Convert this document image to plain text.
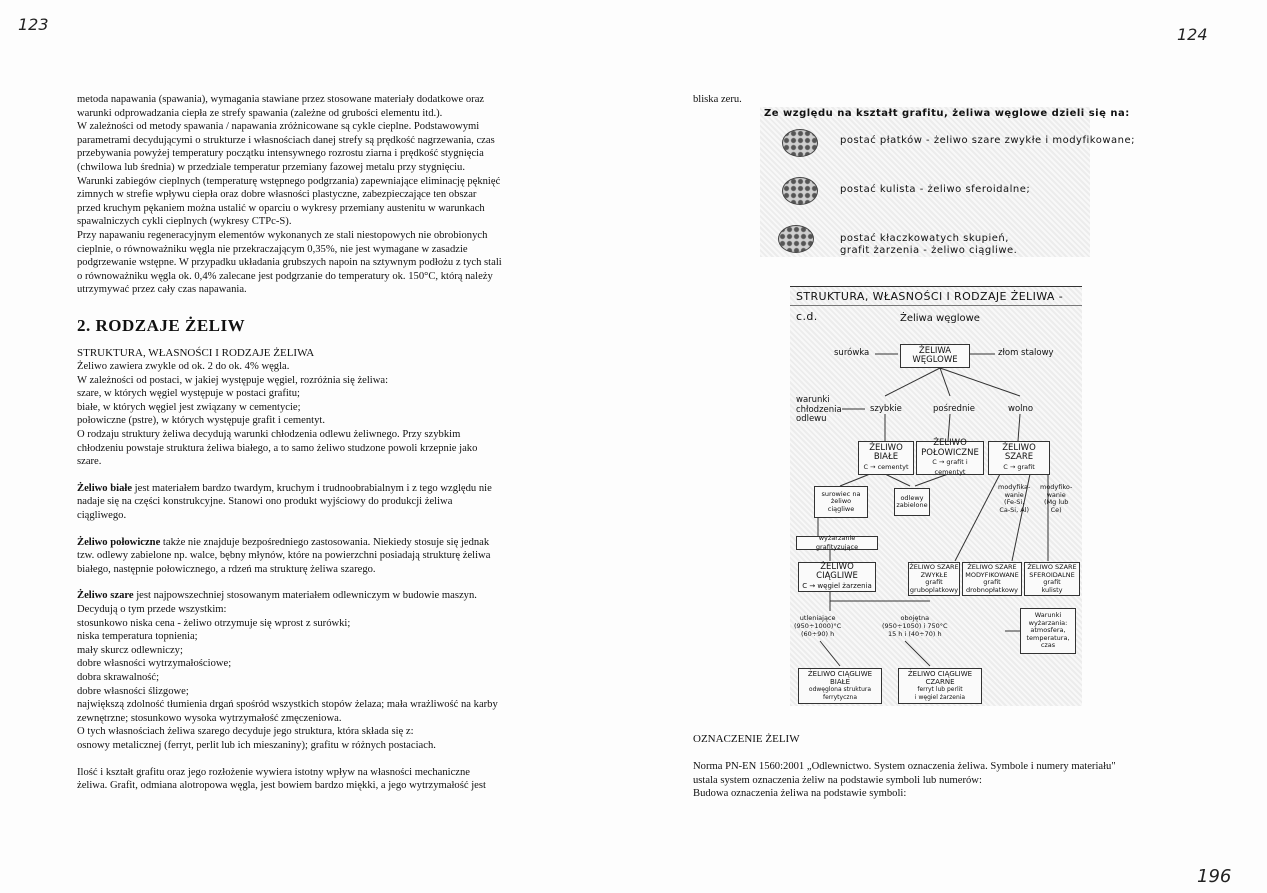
123
124
196

metoda napawania (spawania), wymagania stawiane przez stosowane materiały dodatkowe oraz

warunki odprowadzania ciepła ze strefy spawania (zależne od grubości elementu itd.).

W zależności od metody spawania / napawania zróżnicowane są cykle cieplne. Podstawowymi

parametrami decydującymi o strukturze i własnościach danej strefy są prędkość nagrzewania, czas

przebywania powyżej temperatury początku intensywnego rozrostu ziarna i prędkość stygnięcia

(chwilowa lub średnia) w przedziale temperatur przemiany fazowej metalu przy stygnięciu.

Warunki zabiegów cieplnych (temperaturę wstępnego podgrzania) zapewniające eliminację pęknięć

zimnych w strefie wpływu ciepła oraz dobre własności plastyczne, zabezpieczające ten obszar

przed kruchym pękaniem można ustalić w oparciu o wykresy przemiany austenitu w warunkach

spawalniczych cykli cieplnych (wykresy CTPc-S).

Przy napawaniu regeneracyjnym elementów wykonanych ze stali niestopowych nie obrobionych

cieplnie, o równoważniku węgla nie przekraczającym 0,35%, nie jest wymagane w zasadzie

podgrzewanie wstępne. W przypadku układania grubszych napoin na sztywnym podłożu z tych stali

o równoważniku węgla ok. 0,4% zalecane jest podgrzanie do temperatury ok. 150°C, którą należy

utrzymywać przez cały czas napawania.

2. RODZAJE ŻELIW

STRUKTURA, WŁASNOŚCI I RODZAJE ŻELIWA

Żeliwo zawiera zwykle od ok. 2 do ok. 4% węgla.

W zależności od postaci, w jakiej występuje węgiel, rozróżnia się żeliwa:

szare, w których węgiel występuje w postaci grafitu;

białe, w których węgiel jest związany w cementycie;

połowiczne (pstre), w których występuje grafit i cementyt.

O rodzaju struktury żeliwa decydują warunki chłodzenia odlewu żeliwnego. Przy szybkim

chłodzeniu powstaje struktura żeliwa białego, a to samo żeliwo studzone powoli krzepnie jako

szare.

Żeliwo białe jest materiałem bardzo twardym, kruchym i trudnoobrabialnym i z tego względu nie

nadaje się na części konstrukcyjne. Stanowi ono produkt wyjściowy do produkcji żeliwa

ciągliwego.

Żeliwo połowiczne także nie znajduje bezpośredniego zastosowania. Niekiedy stosuje się jednak

tzw. odlewy zabielone np. walce, bębny młynów, które na powierzchni posiadają strukturę żeliwa

białego, następnie połowicznego, a rdzeń ma strukturę żeliwa szarego.

Żeliwo szare jest najpowszechniej stosowanym materiałem odlewniczym w budowie maszyn.

Decydują o tym przede wszystkim:

stosunkowo niska cena - żeliwo otrzymuje się wprost z surówki;

niska temperatura topnienia;

mały skurcz odlewniczy;

dobre własności wytrzymałościowe;

dobra skrawalność;

dobre własności ślizgowe;

największą zdolność tłumienia drgań spośród wszystkich stopów żelaza; mała wrażliwość na karby

zewnętrzne; stosunkowo wysoka wytrzymałość zmęczeniowa.

O tych własnościach żeliwa szarego decyduje jego struktura, która składa się z:

osnowy metalicznej (ferryt, perlit lub ich mieszaniny); grafitu w różnych postaciach.

Ilość i kształt grafitu oraz jego rozłożenie wywiera istotny wpływ na własności mechaniczne

żeliwa. Grafit, odmiana alotropowa węgla, jest bowiem bardzo miękki, a jego wytrzymałość jest

bliska zeru.
Ze względu na kształt grafitu, żeliwa węglowe dzieli się na:
postać płatków - żeliwo szare zwykłe i modyfikowane;
postać kulista - żeliwo sferoidalne;
postać kłaczkowatych skupień,
grafit żarzenia - żeliwo ciągliwe.
STRUKTURA, WŁASNOŚCI I RODZAJE ŻELIWA - c.d.	Żeliwa węglowe
surówka	ŻELIWA
WĘGLOWE
złom stalowy
warunki
chłodzenia
odlewu
szybkie	pośrednie	wolno
ŻELIWO
BIAŁE
C → cementyt
ŻELIWO
POŁOWICZNE
C → grafit i cementyt
ŻELIWO
SZARE
C → grafit
surowiec na
żeliwo
ciągliwe
odlewy
zabielone
modyfika-
wanie
(Fe-Si,
Ca-Si, Al)
modyfiko-
wanie
(Mg lub
Ce)
wyżarzanie grafityzujące
ŻELIWO CIĄGLIWE
C → węgiel żarzenia
ŻELIWO SZARE
ZWYKŁE
grafit
gruboplatkowy
ŻELIWO SZARE
MODYFIKOWANE
grafit
drobnopłatkowy
ŻELIWO SZARE
SFEROIDALNE
grafit
kulisty
utleniające
(950÷1000)°C
(60÷90) h
obojętna
(950÷1050) i 750°C
15 h i (40÷70) h
Warunki
wyżarzania:
atmosfera,
temperatura,
czas
ŻELIWO CIĄGLIWE
BIAŁE
odwęglona struktura
ferrytyczna
ŻELIWO CIĄGLIWE
CZARNE
ferryt lub perlit
i węgiel żarzenia
OZNACZENIE ŻELIW
Norma PN-EN 1560:2001 „Odlewnictwo. System oznaczenia żeliwa. Symbole i numery materiału"
ustala system oznaczenia żeliw na podstawie symboli lub numerów:
Budowa oznaczenia żeliwa na podstawie symboli:
